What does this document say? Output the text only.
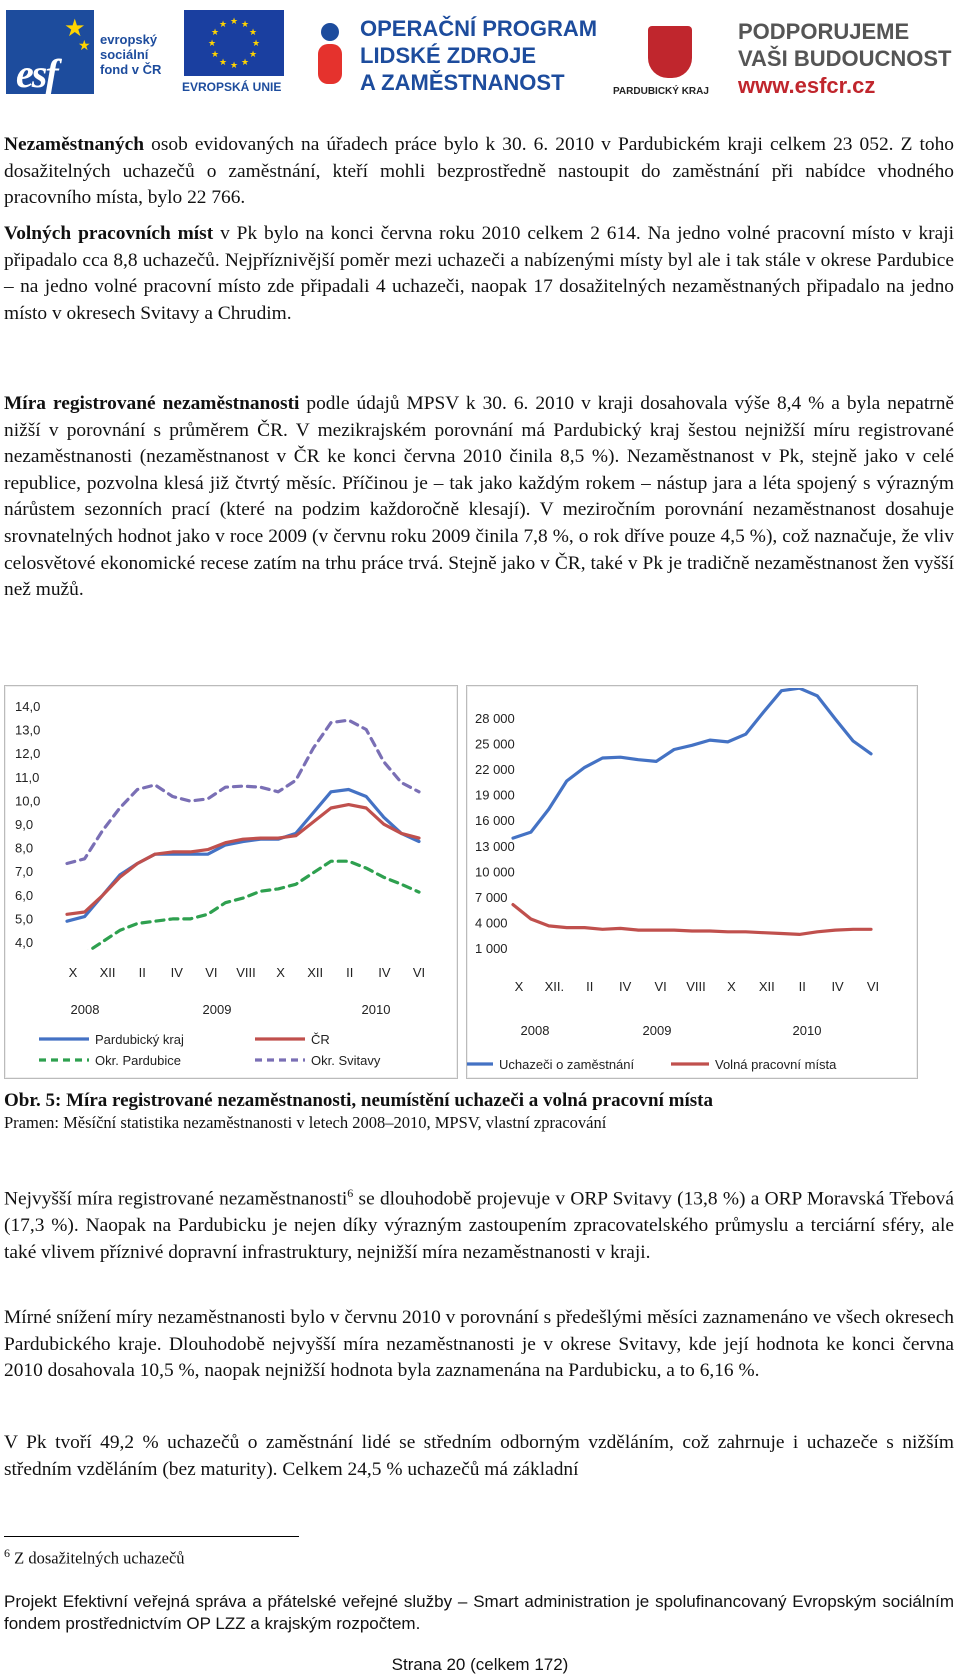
★
★
esf
evropský
sociální
fond v ČR
★ ★
★
★
★
★
★
★
★
★
★
★
EVROPSKÁ UNIE
OPERAČNÍ PROGRAM
LIDSKÉ ZDROJE
A ZAMĚSTNANOST	PARDUBICKÝ KRAJ
PODPORUJEME
VAŠI BUDOUCNOST
www.esfcr.cz

Nezaměstnaných osob evidovaných na úřadech práce bylo k 30. 6. 2010 v Pardubickém kraji celkem 23 052. Z toho dosažitelných uchazečů o zaměstnání, kteří mohli bezprostředně nastoupit do zaměstnání při nabídce vhodného pracovního místa, bylo 22 766.

Volných pracovních míst v Pk bylo na konci června roku 2010 celkem 2 614. Na jedno volné pracovní místo v kraji připadalo cca 8,8 uchazečů. Nejpříznivější poměr mezi uchazeči a nabízenými místy byl ale i tak stále v okrese Pardubice – na jedno volné pracovní místo zde připadali 4 uchazeči, naopak 17 dosažitelných nezaměstnaných připadalo na jedno místo v okresech Svitavy a Chrudim.

Míra registrované nezaměstnanosti podle údajů MPSV k 30. 6. 2010 v kraji dosahovala výše 8,4 % a byla nepatrně nižší v porovnání s průměrem ČR. V mezikrajském porovnání má Pardubický kraj šestou nejnižší míru registrované nezaměstnanosti (nezaměstnanost v ČR ke konci června 2010 činila 8,5 %). Nezaměstnanost v Pk, stejně jako v celé republice, pozvolna klesá již čtvrtý měsíc. Příčinou je – tak jako každým rokem – nástup jara a léta spojený s výrazným nárůstem sezonních prací (které na podzim každoročně klesají). V meziročním porovnání nezaměstnanost dosahuje srovnatelných hodnot jako v roce 2009 (v červnu roku 2009 činila 7,8 %, o rok dříve pouze 4,5 %), což naznačuje, že vliv celosvětové ekonomické recese zatím na trhu práce trvá. Stejně jako v ČR, také v Pk je tradičně nezaměstnanost žen vyšší než mužů.

14,0
13,0
12,0
11,0
10,0
9,0
8,0
7,0
6,0
5,0
4,0
X XII II IV VI VIII X XII II IV VI
2008	2009	2010
Pardubický kraj	ČR
Okr. Pardubice	Okr. Svitavy
28 000
25 000
22 000
19 000
16 000
13 000
10 000
7 000
4 000
1 000
X XII. II IV VI VIII X XII II IV VI
2008	2009	2010
Uchazeči o zaměstnání	Volná pracovní místa
Obr. 5: Míra registrované nezaměstnanosti, neumístění uchazeči a volná pracovní místa
Pramen: Měsíční statistika nezaměstnanosti v letech 2008–2010, MPSV, vlastní zpracování

Nejvyšší míra registrované nezaměstnanosti$^6$ se dlouhodobě projevuje v ORP Svitavy (13,8 %) a ORP Moravská Třebová (17,3 %). Naopak na Pardubicku je nejen díky výrazným zastoupením zpracovatelského průmyslu a terciární sféry, ale také vlivem příznivé dopravní infrastruktury, nejnižší míra nezaměstnanosti v kraji.

Mírné snížení míry nezaměstnanosti bylo v červnu 2010 v porovnání s předešlými měsíci zaznamenáno ve všech okresech Pardubického kraje. Dlouhodobě nejvyšší míra nezaměstnanosti je v okrese Svitavy, kde její hodnota ke konci června 2010 dosahovala 10,5 %, naopak nejnižší hodnota byla zaznamenána na Pardubicku, a to 6,16 %.

V Pk tvoří 49,2 % uchazečů o zaměstnání lidé se středním odborným vzděláním, což zahrnuje i uchazeče s nižším středním vzděláním (bez maturity). Celkem 24,5 % uchazečů má základní

$^6$ Z dosažitelných uchazečů
Projekt Efektivní veřejná správa a přátelské veřejné služby – Smart administration je spolufinancovaný Evropským sociálním fondem prostřednictvím OP LZZ a krajským rozpočtem.
Strana 20 (celkem 172)
